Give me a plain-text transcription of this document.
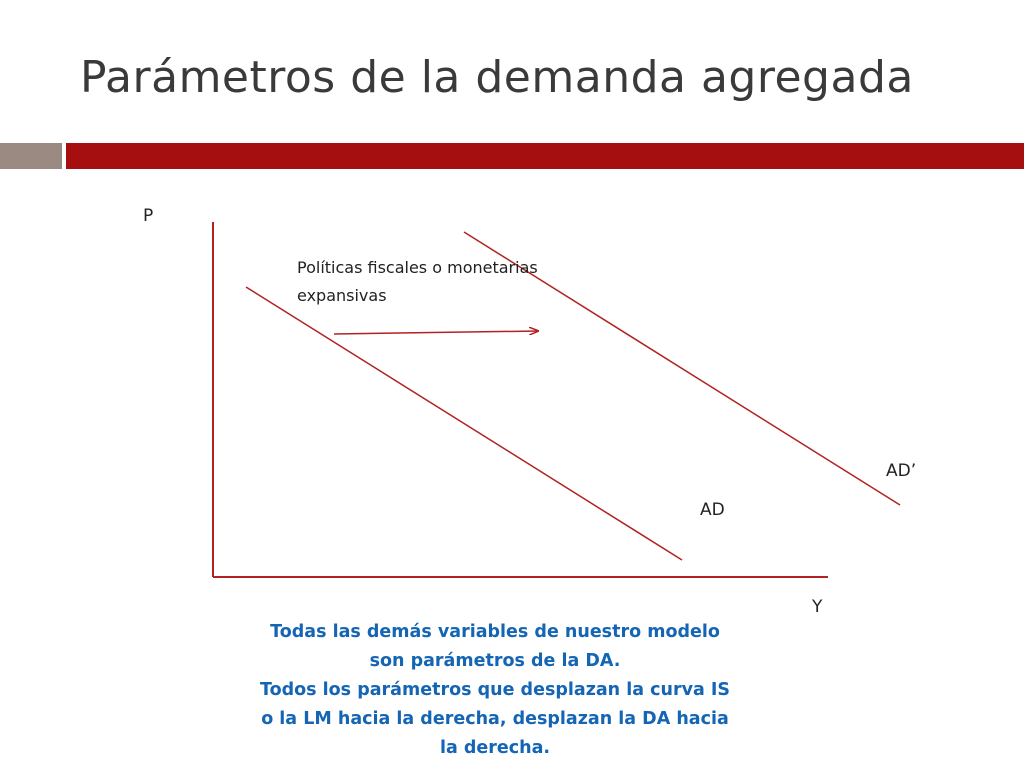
Parámetros de la demanda agregada
P
Y
AD
AD’
Políticas fiscales o monetarias
expansivas
Todas las demás variables de nuestro modelo
son parámetros de la DA.
Todos los parámetros que desplazan la curva IS
o la LM hacia la derecha, desplazan la DA hacia
la derecha.
